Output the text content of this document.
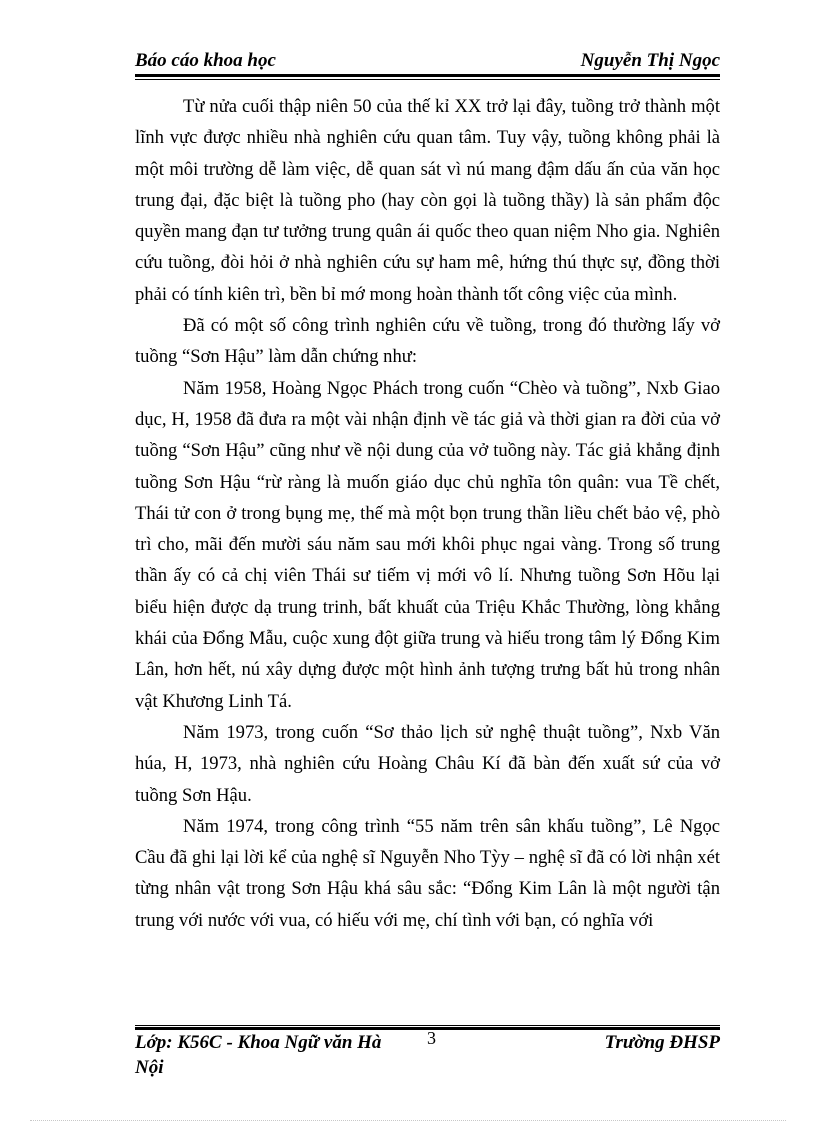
Báo cáo khoa học	Nguyễn Thị Ngọc

Từ nửa cuối thập niên 50 của thế kỉ XX trở lại đây, tuồng trở thành một lĩnh vực được nhiều nhà nghiên cứu quan tâm. Tuy vậy, tuồng không phải là một môi trường dễ làm việc, dễ quan sát vì nú mang đậm dấu ấn của văn học trung đại, đặc biệt là tuồng pho (hay còn gọi là tuồng thầy) là sản phẩm độc quyền mang đạn tư tưởng trung quân ái quốc theo quan niệm Nho gia. Nghiên cứu tuồng, đòi hỏi ở nhà nghiên cứu sự ham mê, hứng thú thực sự, đồng thời phải có tính kiên trì, bền bỉ mớ mong hoàn thành tốt công việc của mình.

Đã có một số công trình nghiên cứu về tuồng, trong đó thường lấy vở tuồng “Sơn Hậu” làm dẫn chứng như:

Năm 1958, Hoàng Ngọc Phách trong cuốn “Chèo và tuồng”, Nxb Giao dục, H, 1958 đã đưa ra một vài nhận định về tác giả và thời gian ra đời của vở tuồng “Sơn Hậu” cũng như về nội dung của vở tuồng này. Tác giả khẳng định tuồng Sơn Hậu “rừ ràng là muốn giáo dục chủ nghĩa tôn quân: vua Tề chết, Thái tử con ở trong bụng mẹ, thế mà một bọn trung thần liều chết bảo vệ, phò trì cho, mãi đến mười sáu năm sau mới khôi phục ngai vàng. Trong số trung thần ấy có cả chị viên Thái sư tiếm vị mới vô lí. Nhưng tuồng Sơn Hõu lại biểu hiện được dạ trung trinh, bất khuất của Triệu Khắc Thường, lòng khẳng khái của Đổng Mẫu, cuộc xung đột giữa trung và hiếu trong tâm lý Đổng Kim Lân, hơn hết, nú xây dựng được một hình ảnh tượng trưng bất hủ trong nhân vật Khương Linh Tá.

Năm 1973, trong cuốn “Sơ thảo lịch sử nghệ thuật tuồng”, Nxb Văn húa, H, 1973, nhà nghiên cứu Hoàng Châu Kí đã bàn đến xuất sứ của vở tuồng Sơn Hậu.

Năm 1974, trong công trình “55 năm trên sân khấu tuồng”, Lê Ngọc Cầu đã ghi lại lời kể của nghệ sĩ Nguyễn Nho Tỳy – nghệ sĩ đã có lời nhận xét từng nhân vật trong Sơn Hậu khá sâu sắc: “Đổng Kim Lân là một người tận trung với nước với vua, có hiếu với mẹ, chí tình với bạn, có nghĩa với

Lớp: K56C - Khoa Ngữ văn Hà Nội
3	Trường ĐHSP
